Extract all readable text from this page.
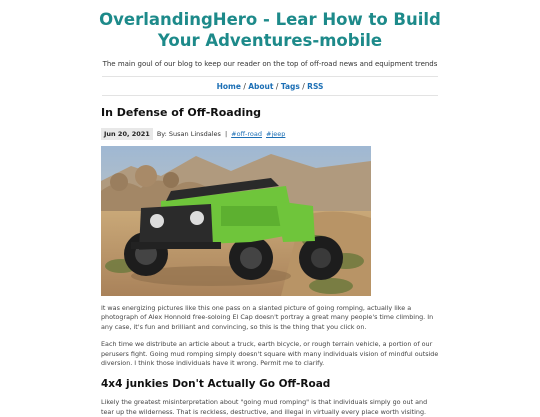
OverlandingHero - Lear How to Build
Your Adventures-mobile
The main goul of our blog to keep our reader on the top of off-road news and equipment trends
Home / About / Tags / RSS
In Defense of Off-Roading
Jun 20, 2021	By: Susan Linsdales | #off-road #jeep

It was energizing pictures like this one pass on a slanted picture of going romping, actually like a photograph of Alex Honnold free-soloing El Cap doesn't portray a great many people's time climbing. In any case, it's fun and brilliant and convincing, so this is the thing that you click on.

Each time we distribute an article about a truck, earth bicycle, or rough terrain vehicle, a portion of our perusers fight. Going mud romping simply doesn't square with many individuals vision of mindful outside diversion. I think those individuals have it wrong. Permit me to clarify.

4x4 junkies Don't Actually Go Off-Road

Likely the greatest misinterpretation about "going mud romping" is that individuals simply go out and tear up the wilderness. That is reckless, destructive, and illegal in virtually every place worth visiting.
